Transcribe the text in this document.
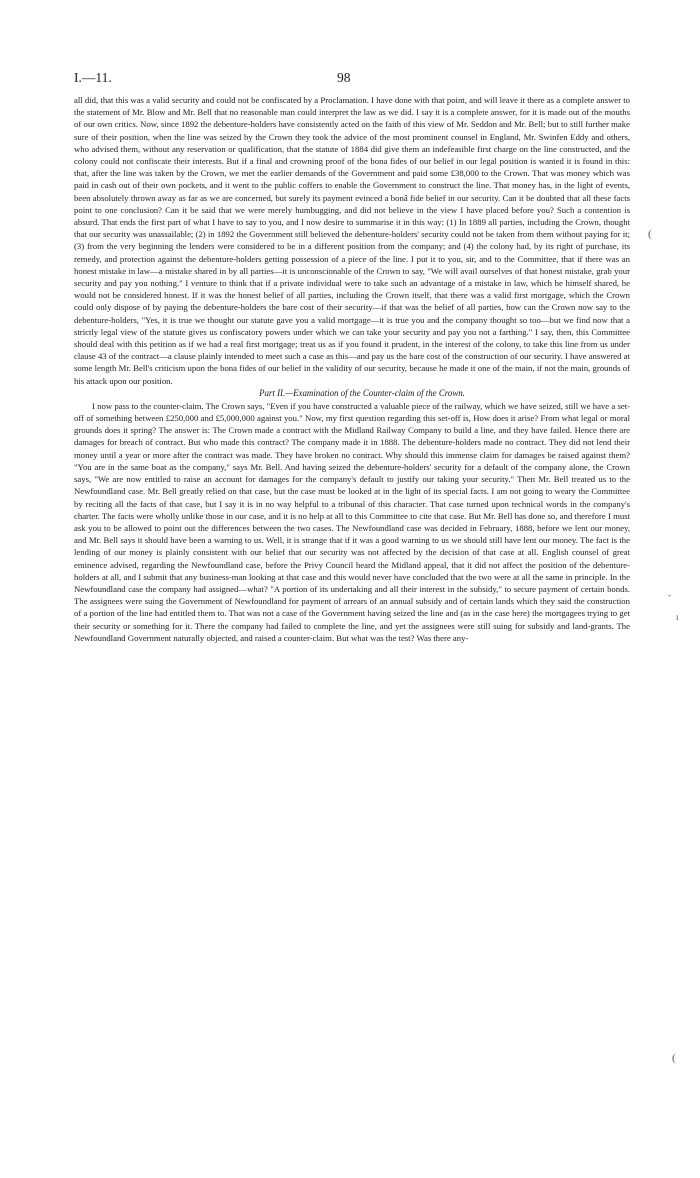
(
-
ı
(
I.—11.	98

all did, that this was a valid security and could not be confiscated by a Proclamation. I have done with that point, and will leave it there as a complete answer to the statement of Mr. Blow and Mr. Bell that no reasonable man could interpret the law as we did. I say it is a complete answer, for it is made out of the mouths of our own critics. Now, since 1892 the debenture-holders have consistently acted on the faith of this view of Mr. Seddon and Mr. Bell; but to still further make sure of their position, when the line was seized by the Crown they took the advice of the most prominent counsel in England, Mr. Swinfen Eddy and others, who advised them, without any reservation or qualification, that the statute of 1884 did give them an indefeasible first charge on the line constructed, and the colony could not confiscate their interests. But if a final and crowning proof of the bona fides of our belief in our legal position is wanted it is found in this: that, after the line was taken by the Crown, we met the earlier demands of the Government and paid some £38,000 to the Crown. That was money which was paid in cash out of their own pockets, and it went to the public coffers to enable the Government to construct the line. That money has, in the light of events, been absolutely thrown away as far as we are concerned, but surely its payment evinced a bonâ fide belief in our security. Can it be doubted that all these facts point to one conclusion? Can it be said that we were merely humbugging, and did not believe in the view I have placed before you? Such a contention is absurd. That ends the first part of what I have to say to you, and I now desire to summarise it in this way: (1) In 1889 all parties, including the Crown, thought that our security was unassailable; (2) in 1892 the Government still believed the debenture-holders' security could not be taken from them without paying for it; (3) from the very beginning the lenders were considered to be in a different position from the company; and (4) the colony had, by its right of purchase, its remedy, and protection against the debenture-holders getting possession of a piece of the line. I put it to you, sir, and to the Committee, that if there was an honest mistake in law—a mistake shared in by all parties—it is unconscionable of the Crown to say, "We will avail ourselves of that honest mistake, grab your security and pay you nothing." I venture to think that if a private individual were to take such an advantage of a mistake in law, which he himself shared, he would not be considered honest. If it was the honest belief of all parties, including the Crown itself, that there was a valid first mortgage, which the Crown could only dispose of by paying the debenture-holders the bare cost of their security—if that was the belief of all parties, how can the Crown now say to the debenture-holders, "Yes, it is true we thought our statute gave you a valid mortgage—it is true you and the company thought so too—but we find now that a strictly legal view of the statute gives us confiscatory powers under which we can take your security and pay you not a farthing." I say, then, this Committee should deal with this petition as if we had a real first mortgage; treat us as if you found it prudent, in the interest of the colony, to take this line from us under clause 43 of the contract—a clause plainly intended to meet such a case as this—and pay us the bare cost of the construction of our security. I have answered at some length Mr. Bell's criticism upon the bona fides of our belief in the validity of our security, because he made it one of the main, if not the main, grounds of his attack upon our position.

Part II.—Examination of the Counter-claim of the Crown.

I now pass to the counter-claim. The Crown says, "Even if you have constructed a valuable piece of the railway, which we have seized, still we have a set-off of something between £250,000 and £5,000,000 against you." Now, my first question regarding this set-off is, How does it arise? From what legal or moral grounds does it spring? The answer is: The Crown made a contract with the Midland Railway Company to build a line, and they have failed. Hence there are damages for breach of contract. But who made this contract? The company made it in 1888. The debenture-holders made no contract. They did not lend their money until a year or more after the contract was made. They have broken no contract. Why should this immense claim for damages be raised against them? "You are in the same boat as the company," says Mr. Bell. And having seized the debenture-holders' security for a default of the company alone, the Crown says, "We are now entitled to raise an account for damages for the company's default to justify our taking your security." Then Mr. Bell treated us to the Newfoundland case. Mr. Bell greatly relied on that case, but the case must be looked at in the light of its special facts. I am not going to weary the Committee by reciting all the facts of that case, but I say it is in no way helpful to a tribunal of this character. That case turned upon technical words in the company's charter. The facts were wholly unlike those in our case, and it is no help at all to this Committee to cite that case. But Mr. Bell has done so, and therefore I must ask you to be allowed to point out the differences between the two cases. The Newfoundland case was decided in February, 1888, before we lent our money, and Mr. Bell says it should have been a warning to us. Well, it is strange that if it was a good warning to us we should still have lent our money. The fact is the lending of our money is plainly consistent with our belief that our security was not affected by the decision of that case at all. English counsel of great eminence advised, regarding the Newfoundland case, before the Privy Council heard the Midland appeal, that it did not affect the position of the debenture-holders at all, and I submit that any business-man looking at that case and this would never have concluded that the two were at all the same in principle. In the Newfoundland case the company had assigned—what? "A portion of its undertaking and all their interest in the subsidy," to secure payment of certain bonds. The assignees were suing the Government of Newfoundland for payment of arrears of an annual subsidy and of certain lands which they said the construction of a portion of the line had entitled them to. That was not a case of the Government having seized the line and (as in the case here) the mortgagees trying to get their security or something for it. There the company had failed to complete the line, and yet the assignees were still suing for subsidy and land-grants. The Newfoundland Government naturally objected, and raised a counter-claim. But what was the test? Was there any-
